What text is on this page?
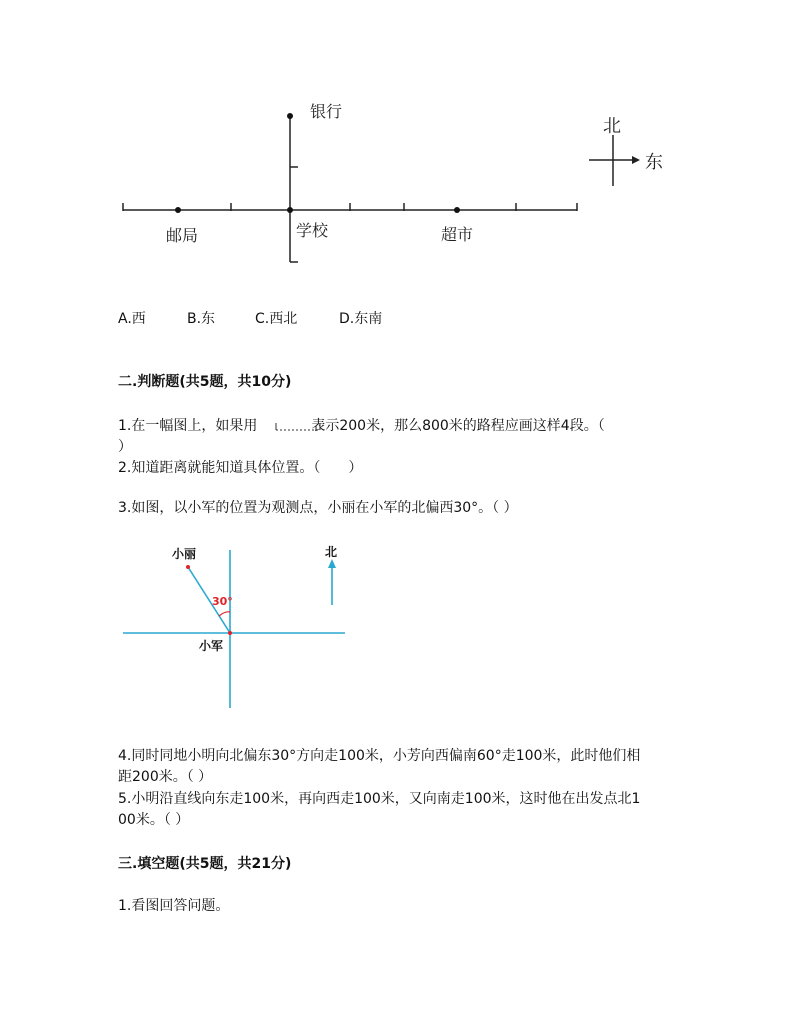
银行
邮局	学校	超市
北
东
A.西	B.东	C.西北	D.东南
二.判断题(共5题，共10分)
1.在一幅图上，如果用	表示200米，那么800米的路程应画这样4段。（
）
2.知道距离就能知道具体位置。（　　）
3.如图，以小军的位置为观测点，小丽在小军的北偏西30°。（ ）
小丽
小军
北
30°
4.同时同地小明向北偏东30°方向走100米，小芳向西偏南60°走100米，此时他们相
距200米。（ ）
5.小明沿直线向东走100米，再向西走100米，又向南走100米，这时他在出发点北1
00米。（ ）
三.填空题(共5题，共21分)
1.看图回答问题。
